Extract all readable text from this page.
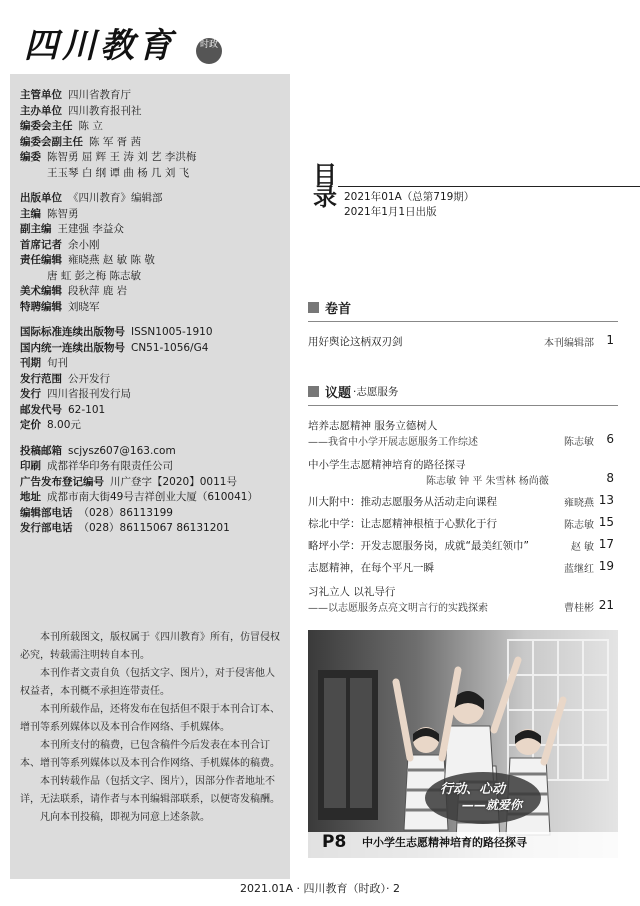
四川教育	时政
主管单位 四川省教育厅
主办单位 四川教育报刊社
编委会主任 陈 立
编委会副主任 陈 军 胥 茜
编委 陈智勇 屈 辉 王 涛 刘 艺 李洪梅
王玉琴 白 纲 谭 曲 杨 几 刘 飞
出版单位 《四川教育》编辑部
主编 陈智勇
副主编 王建强 李益众
首席记者 余小刚
责任编辑 雍晓燕 赵 敏 陈 敬
唐 虹 彭之梅 陈志敏
美术编辑 段秋萍 鹿 岩
特聘编辑 刘晓军
国际标准连续出版物号 ISSN1005-1910
国内统一连续出版物号 CN51-1056/G4
刊期 旬刊
发行范围 公开发行
发行 四川省报刊发行局
邮发代号 62-101
定价 8.00元
投稿邮箱 scjysz607@163.com
印刷 成都祥华印务有限责任公司
广告发布登记编号 川广登字【2020】0011号
地址 成都市南大街49号吉祥创业大厦（610041）
编辑部电话 （028）86113199
发行部电话 （028）86115067 86131201

本刊所载图文，版权属于《四川教育》所有，仿冒侵权必究，转载需注明转自本刊。

本刊作者文责自负（包括文字、图片），对于侵害他人权益者，本刊概不承担连带责任。

本刊所载作品，还将发布在包括但不限于本刊合订本、增刊等系列媒体以及本刊合作网络、手机媒体。

本刊所支付的稿费，已包含稿件今后发表在本刊合订本、增刊等系列媒体以及本刊合作网络、手机媒体的稿费。

本刊转载作品（包括文字、图片），因部分作者地址不详，无法联系，请作者与本刊编辑部联系，以便寄发稿酬。

凡向本刊投稿，即视为同意上述条款。

目录 2021年01A（总第719期）
2021年1月1日出版
卷首
用好舆论这柄双刃剑	本刊编辑部 1
议题 ·志愿服务
培养志愿精神 服务立德树人
——我省中小学开展志愿服务工作综述	陈志敏 6
中小学生志愿精神培育的路径探寻
陈志敏 钟 平 朱雪林 杨尚薇	8
川大附中：推动志愿服务从活动走向课程	雍晓燕 13
棕北中学：让志愿精神根植于心默化于行	陈志敏 15
略坪小学：开发志愿服务岗，成就“最美红领巾”	赵 敏 17
志愿精神，在每个平凡一瞬	蓝继红 19
习礼立人 以礼导行
——以志愿服务点亮文明言行的实践探索	曹桂彬 21
行动、心动
——就爱你
P8 中小学生志愿精神培育的路径探寻
2021.01A · 四川教育（时政）· 2
